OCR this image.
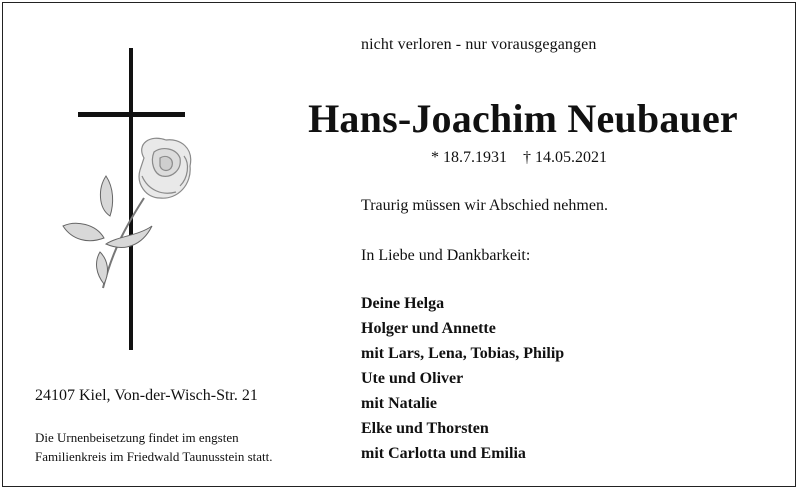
nicht verloren - nur vorausgegangen
Hans-Joachim Neubauer
* 18.7.1931 † 14.05.2021
Traurig müssen wir Abschied nehmen.
In Liebe und Dankbarkeit:
Deine Helga
Holger und Annette
mit Lars, Lena, Tobias, Philip
Ute und Oliver
mit Natalie
Elke und Thorsten
mit Carlotta und Emilia
24107 Kiel, Von-der-Wisch-Str. 21
Die Urnenbeisetzung findet im engsten
Familienkreis im Friedwald Taunusstein statt.
